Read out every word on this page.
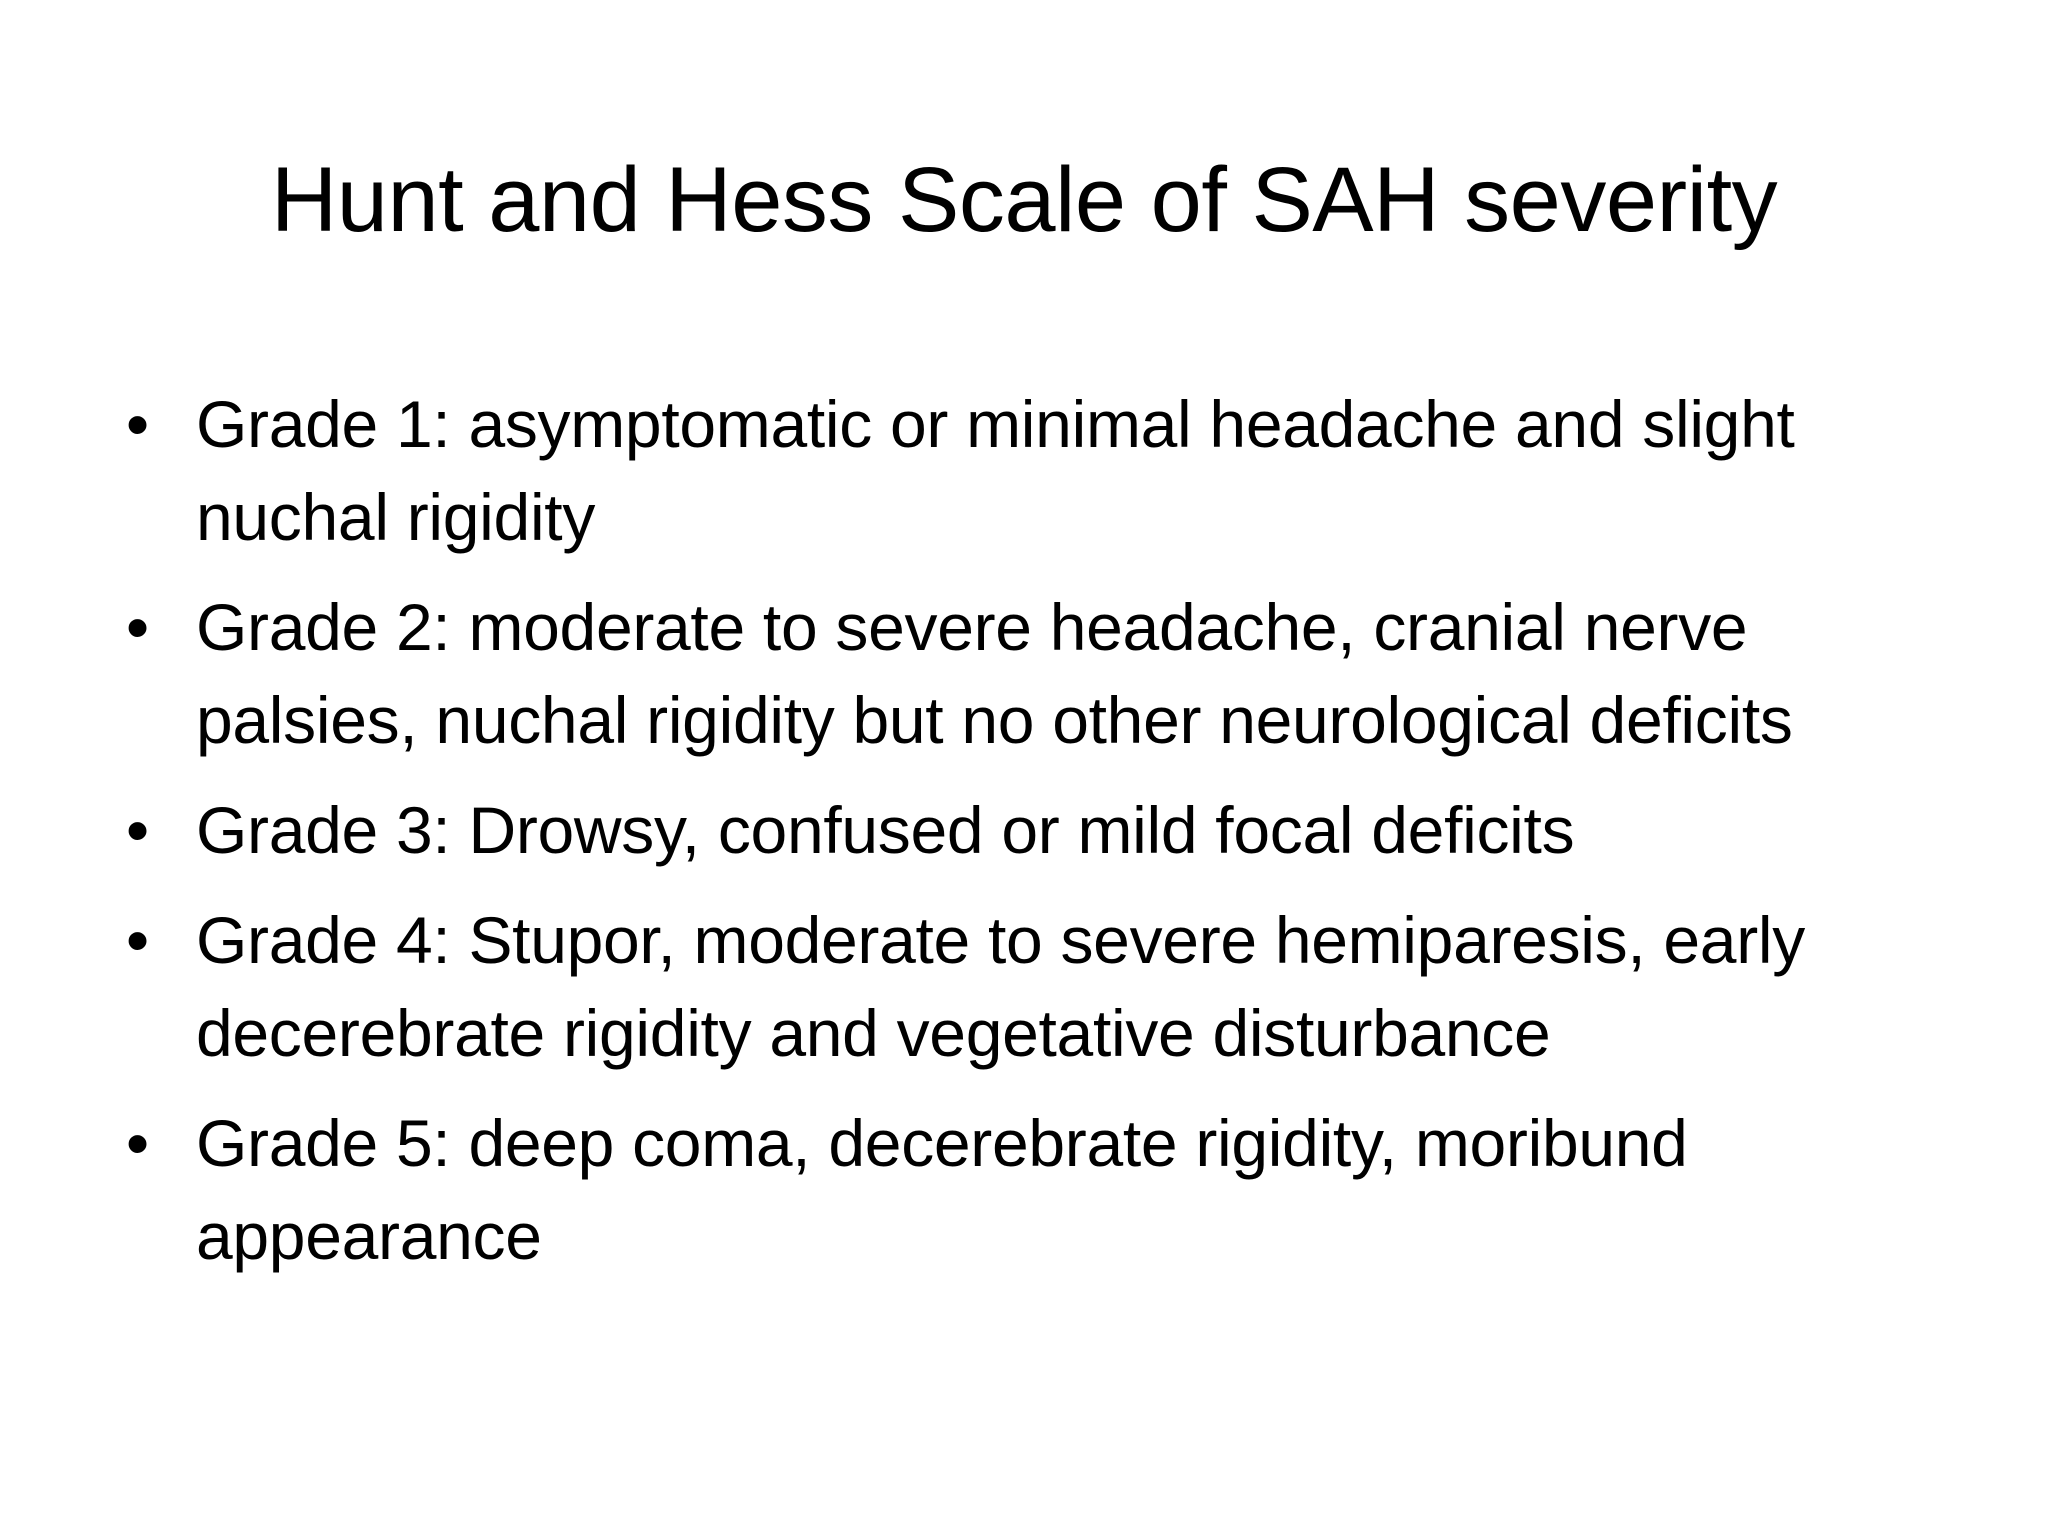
Hunt and Hess Scale of SAH severity
• Grade 1: asymptomatic or minimal headache and slight nuchal rigidity
• Grade 2: moderate to severe headache, cranial nerve palsies, nuchal rigidity but no other neurological deficits
• Grade 3: Drowsy, confused or mild focal deficits
• Grade 4: Stupor, moderate to severe hemiparesis, early decerebrate rigidity and vegetative disturbance
• Grade 5: deep coma, decerebrate rigidity, moribund appearance
